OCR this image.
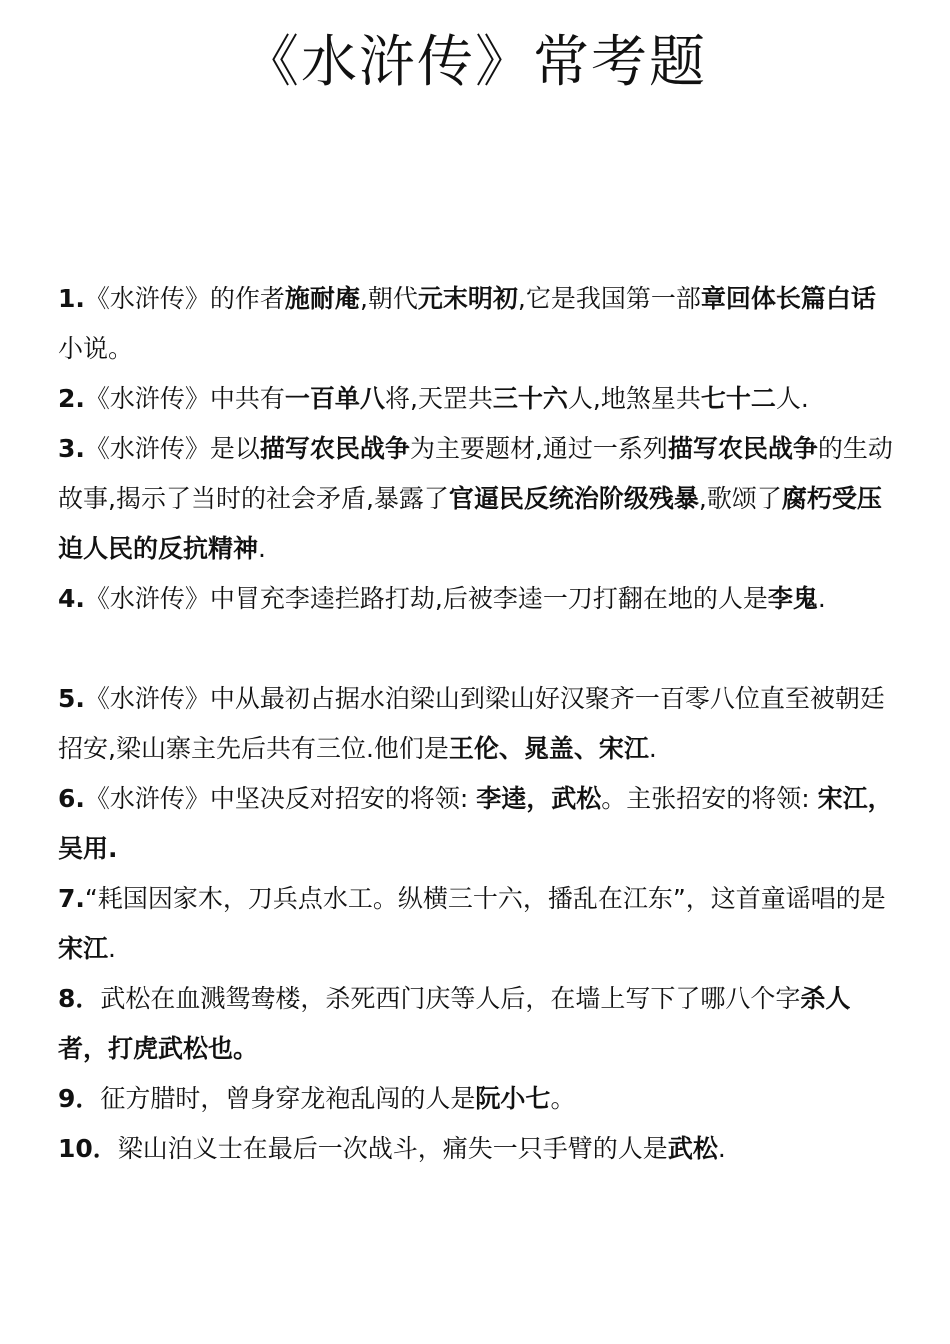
《水浒传》常考题

1.《水浒传》的作者施耐庵,朝代元末明初,它是我国第一部章回体长篇白话小说。

2.《水浒传》中共有一百单八将,天罡共三十六人,地煞星共七十二人.

3.《水浒传》是以描写农民战争为主要题材,通过一系列描写农民战争的生动故事,揭示了当时的社会矛盾,暴露了官逼民反统治阶级残暴,歌颂了腐朽受压迫人民的反抗精神.

4.《水浒传》中冒充李逵拦路打劫,后被李逵一刀打翻在地的人是李鬼.

5.《水浒传》中从最初占据水泊梁山到梁山好汉聚齐一百零八位直至被朝廷招安,梁山寨主先后共有三位.他们是王伦、晁盖、宋江.

6.《水浒传》中坚决反对招安的将领: 李逵，武松。主张招安的将领: 宋江，吴用.

7.“耗国因家木，刀兵点水工。纵横三十六，播乱在江东”，这首童谣唱的是宋江.

8．武松在血溅鸳鸯楼，杀死西门庆等人后，在墙上写下了哪八个字杀人者，打虎武松也。

9．征方腊时，曾身穿龙袍乱闯的人是阮小七。

10．梁山泊义士在最后一次战斗，痛失一只手臂的人是武松.
